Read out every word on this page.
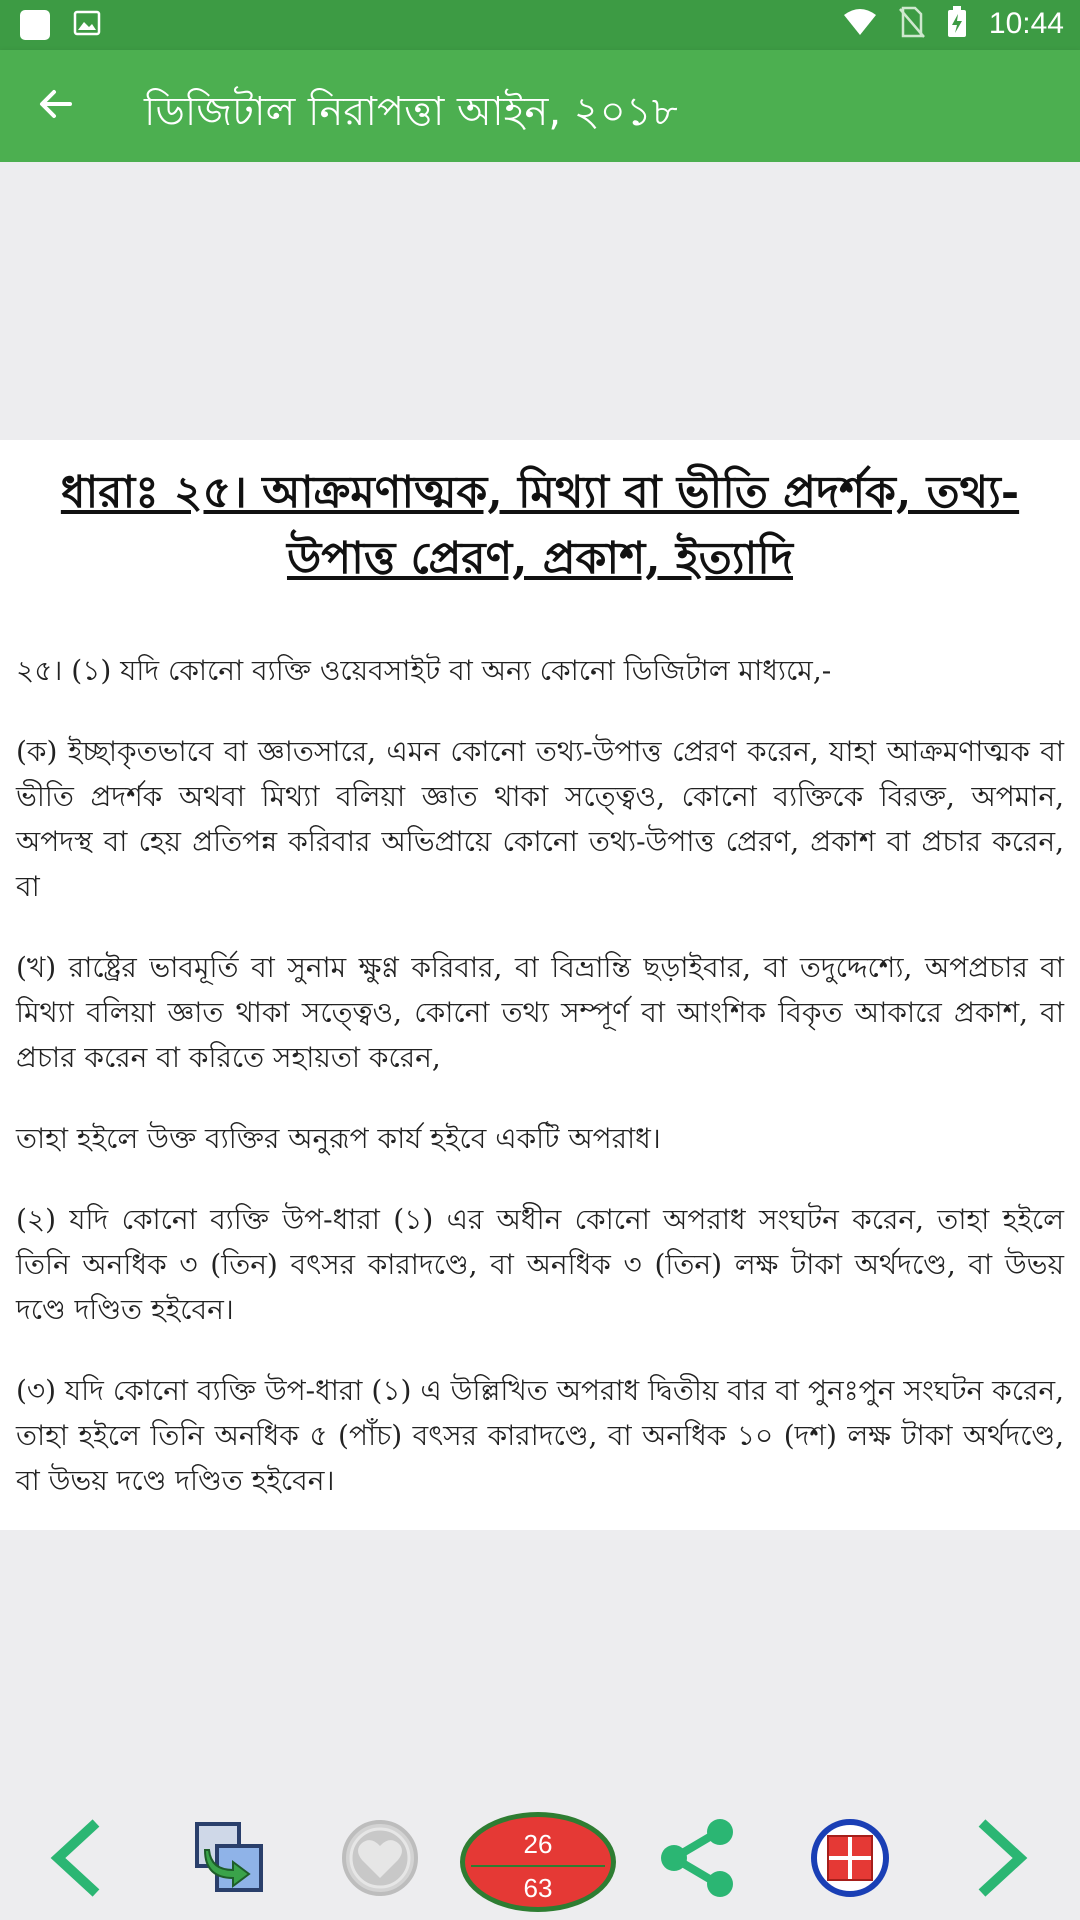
10:44
ডিজিটাল নিরাপত্তা আইন, ২০১৮
ধারাঃ ২৫। আক্রমণাত্মক, মিথ্যা বা ভীতি প্রদর্শক, তথ্য-উপাত্ত প্রেরণ, প্রকাশ, ইত্যাদি

২৫। (১) যদি কোনো ব্যক্তি ওয়েবসাইট বা অন্য কোনো ডিজিটাল মাধ্যমে,-

(ক) ইচ্ছাকৃতভাবে বা জ্ঞাতসারে, এমন কোনো তথ্য-উপাত্ত প্রেরণ করেন, যাহা আক্রমণাত্মক বা ভীতি প্রদর্শক অথবা মিথ্যা বলিয়া জ্ঞাত থাকা সত্ত্বেও, কোনো ব্যক্তিকে বিরক্ত, অপমান, অপদস্থ বা হেয় প্রতিপন্ন করিবার অভিপ্রায়ে কোনো তথ্য-উপাত্ত প্রেরণ, প্রকাশ বা প্রচার করেন, বা

(খ) রাষ্ট্রের ভাবমূর্তি বা সুনাম ক্ষুণ্ণ করিবার, বা বিভ্রান্তি ছড়াইবার, বা তদুদ্দেশ্যে, অপপ্রচার বা মিথ্যা বলিয়া জ্ঞাত থাকা সত্ত্বেও, কোনো তথ্য সম্পূর্ণ বা আংশিক বিকৃত আকারে প্রকাশ, বা প্রচার করেন বা করিতে সহায়তা করেন,

তাহা হইলে উক্ত ব্যক্তির অনুরূপ কার্য হইবে একটি অপরাধ।

(২) যদি কোনো ব্যক্তি উপ-ধারা (১) এর অধীন কোনো অপরাধ সংঘটন করেন, তাহা হইলে তিনি অনধিক ৩ (তিন) বৎসর কারাদণ্ডে, বা অনধিক ৩ (তিন) লক্ষ টাকা অর্থদণ্ডে, বা উভয় দণ্ডে দণ্ডিত হইবেন।

(৩) যদি কোনো ব্যক্তি উপ-ধারা (১) এ উল্লিখিত অপরাধ দ্বিতীয় বার বা পুনঃপুন সংঘটন করেন, তাহা হইলে তিনি অনধিক ৫ (পাঁচ) বৎসর কারাদণ্ডে, বা অনধিক ১০ (দশ) লক্ষ টাকা অর্থদণ্ডে, বা উভয় দণ্ডে দণ্ডিত হইবেন।

26
63
